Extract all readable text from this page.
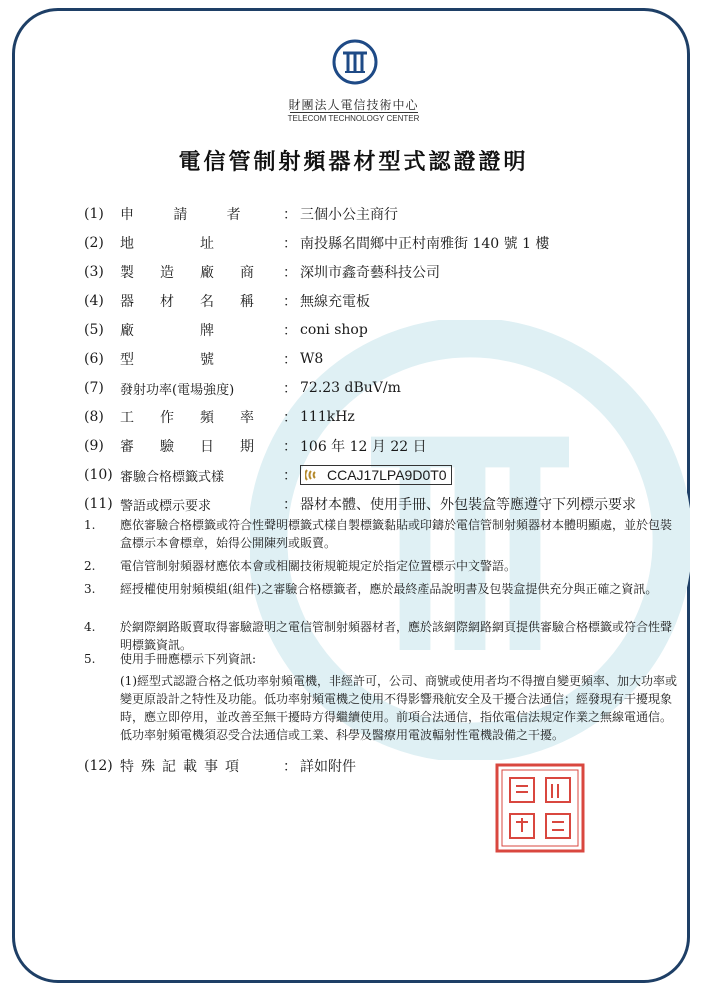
財團法人電信技術中心
TELECOM TECHNOLOGY CENTER
電信管制射頻器材型式認證證明
(1)	申請者 ： 三個小公主商行
(2)	地址 ： 南投縣名間鄉中正村南雅街 140 號 1 樓
(3)	製造廠商 ： 深圳市鑫奇藝科技公司
(4)	器材名稱 ： 無線充電板
(5)	廠牌 ： coni shop
(6)	型號 ： W8
(7)	發射功率(電場強度)	： 72.23 dBuV/m
(8)	工作頻率 ： 111kHz
(9)	審驗日期 ： 106 年 12 月 22 日
(10) 審驗合格標籤式樣	： CCAJ17LPA9D0T0
(11) 警語或標示要求	： 器材本體、使用手冊、外包裝盒等應遵守下列標示要求
1.	應依審驗合格標籤或符合性聲明標籤式樣自製標籤黏貼或印鑄於電信管制射頻器材本體明顯處，並於包裝盒標示本會標章，始得公開陳列或販賣。
2.	電信管制射頻器材應依本會或相關技術規範規定於指定位置標示中文警語。
3.	經授權使用射頻模組(組件)之審驗合格標籤者，應於最終產品說明書及包裝盒提供充分與正確之資訊。
4.	於網際網路販賣取得審驗證明之電信管制射頻器材者，應於該網際網路網頁提供審驗合格標籤或符合性聲明標籤資訊。
5.	使用手冊應標示下列資訊:
(12) 特殊記載事項	： 詳如附件
(1)經型式認證合格之低功率射頻電機，非經許可，公司、商號或使用者均不得擅自變更頻率、加大功率或變更原設計之特性及功能。低功率射頻電機之使用不得影響飛航安全及干擾合法通信；經發現有干擾現象時，應立即停用，並改善至無干擾時方得繼續使用。前項合法通信，指依電信法規定作業之無線電通信。低功率射頻電機須忍受合法通信或工業、科學及醫療用電波輻射性電機設備之干擾。
